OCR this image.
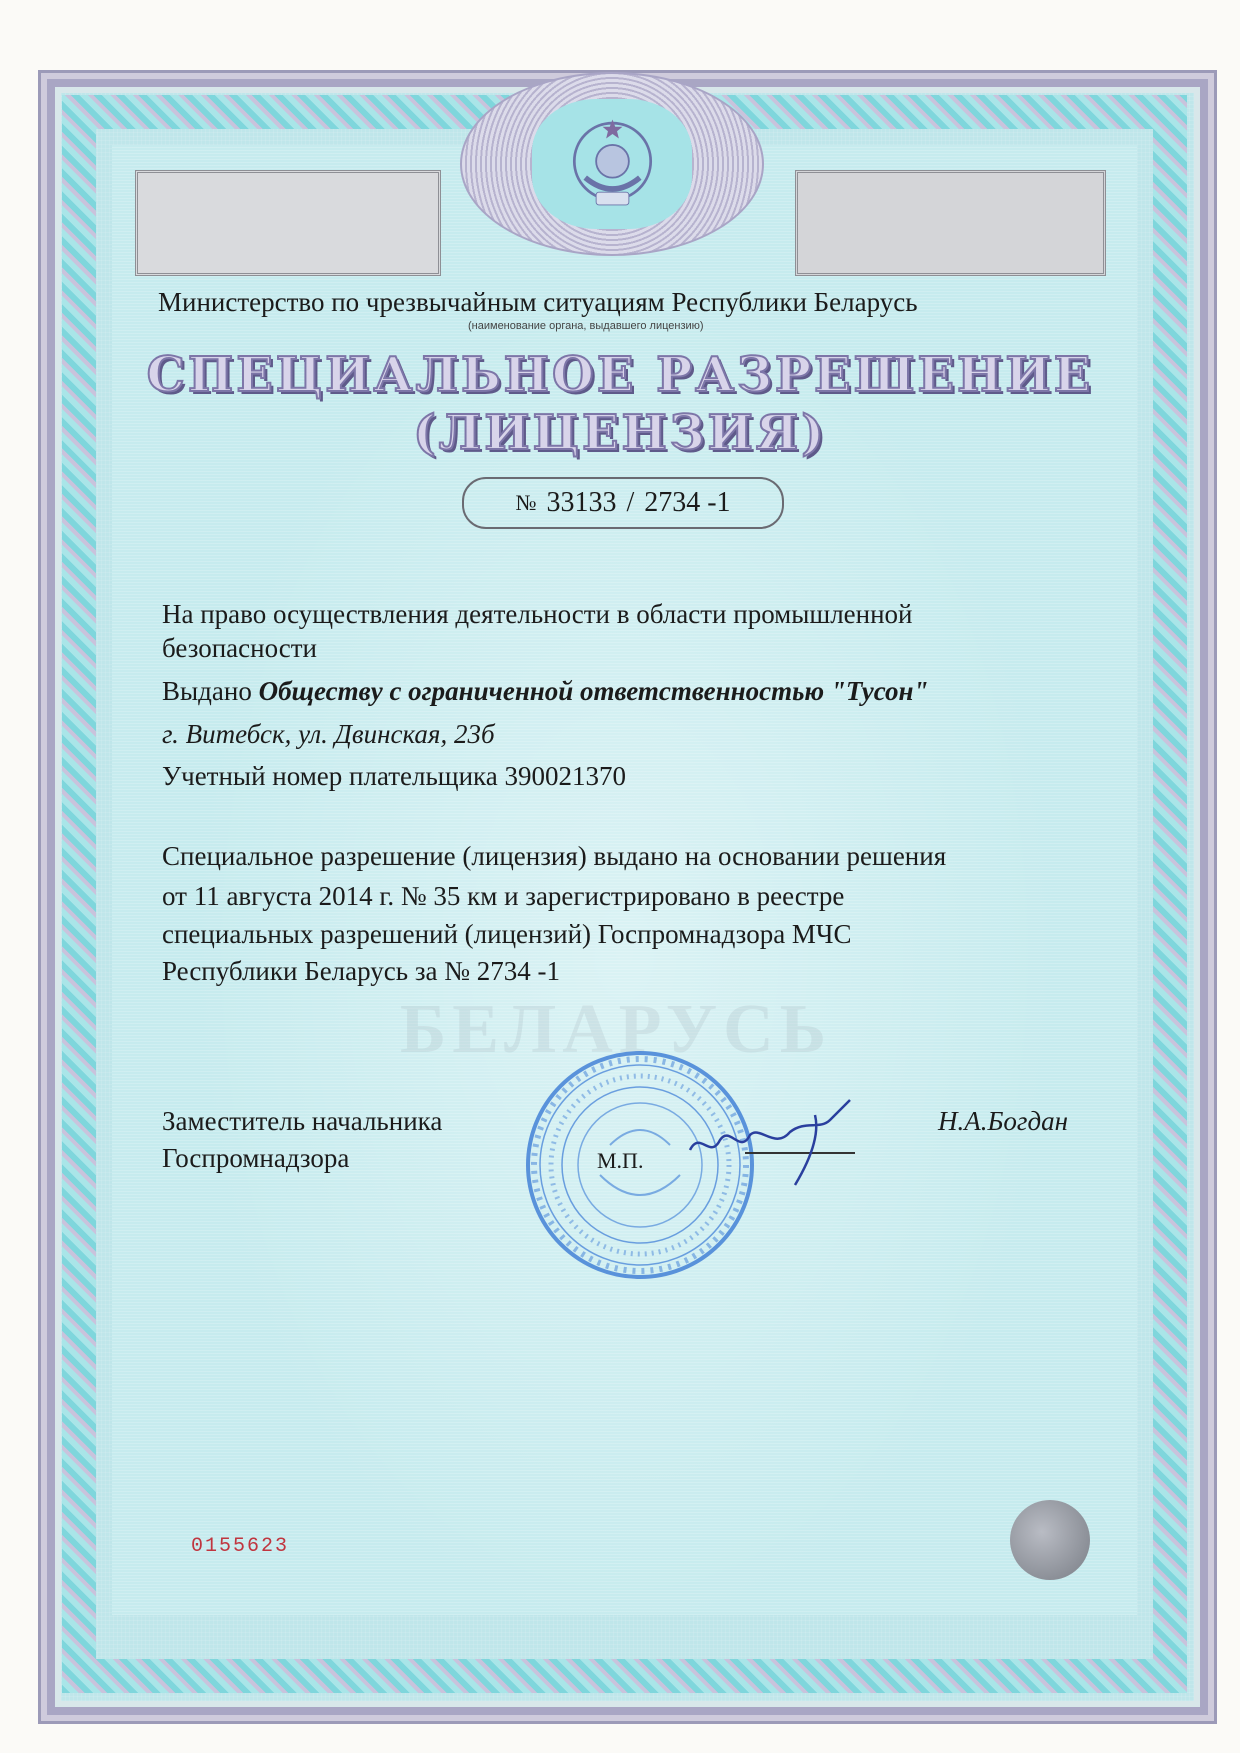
Министерство по чрезвычайным ситуациям Республики Беларусь
(наименование органа, выдавшего лицензию)
СПЕЦИАЛЬНОЕ РАЗРЕШЕНИЕ
(ЛИЦЕНЗИЯ)
№ 33133 / 2734 -1
На право осуществления деятельности в области промышленной
безопасности
Выдано Обществу с ограниченной ответственностью "Тусон"
г. Витебск, ул. Двинская, 23б
Учетный номер плательщика 390021370
Специальное разрешение (лицензия) выдано на основании решения
от 11 августа 2014 г. № 35 км и зарегистрировано в реестре
специальных разрешений (лицензий) Госпромнадзора МЧС
Республики Беларусь за № 2734 -1
БЕЛАРУСЬ
Заместитель начальника
Госпромнадзора	М.П.
Н.А.Богдан
0155623
